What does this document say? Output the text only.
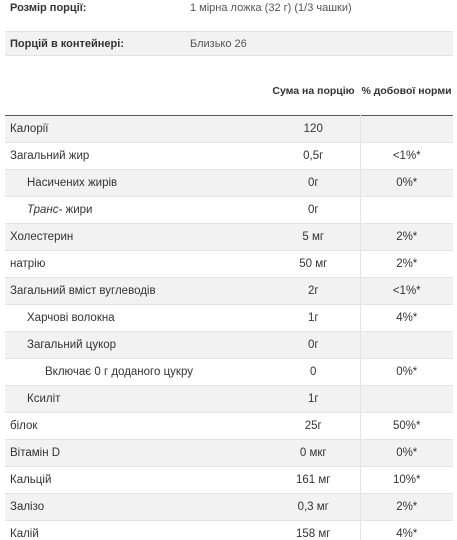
Розмір порції:	1 мірна ложка (32 г) (1/3 чашки)
Порцій в контейнері:	Близько 26
	Сума на порцію	% добової норми
Калорії	120	
Загальний жир	0,5г	<1%*
Насичених жирів	0г	0%*
Транс- жири	0г	
Холестерин	5 мг	2%*
натрію	50 мг	2%*
Загальний вміст вуглеводів	2г	<1%*
Харчові волокна	1г	4%*
Загальний цукор	0г	
Включає 0 г доданого цукру	0	0%*
Ксиліт	1г	
білок	25г	50%*
Вітамін D	0 мкг	0%*
Кальцій	161 мг	10%*
Залізо	0,3 мг	2%*
Калій	158 мг	4%*
